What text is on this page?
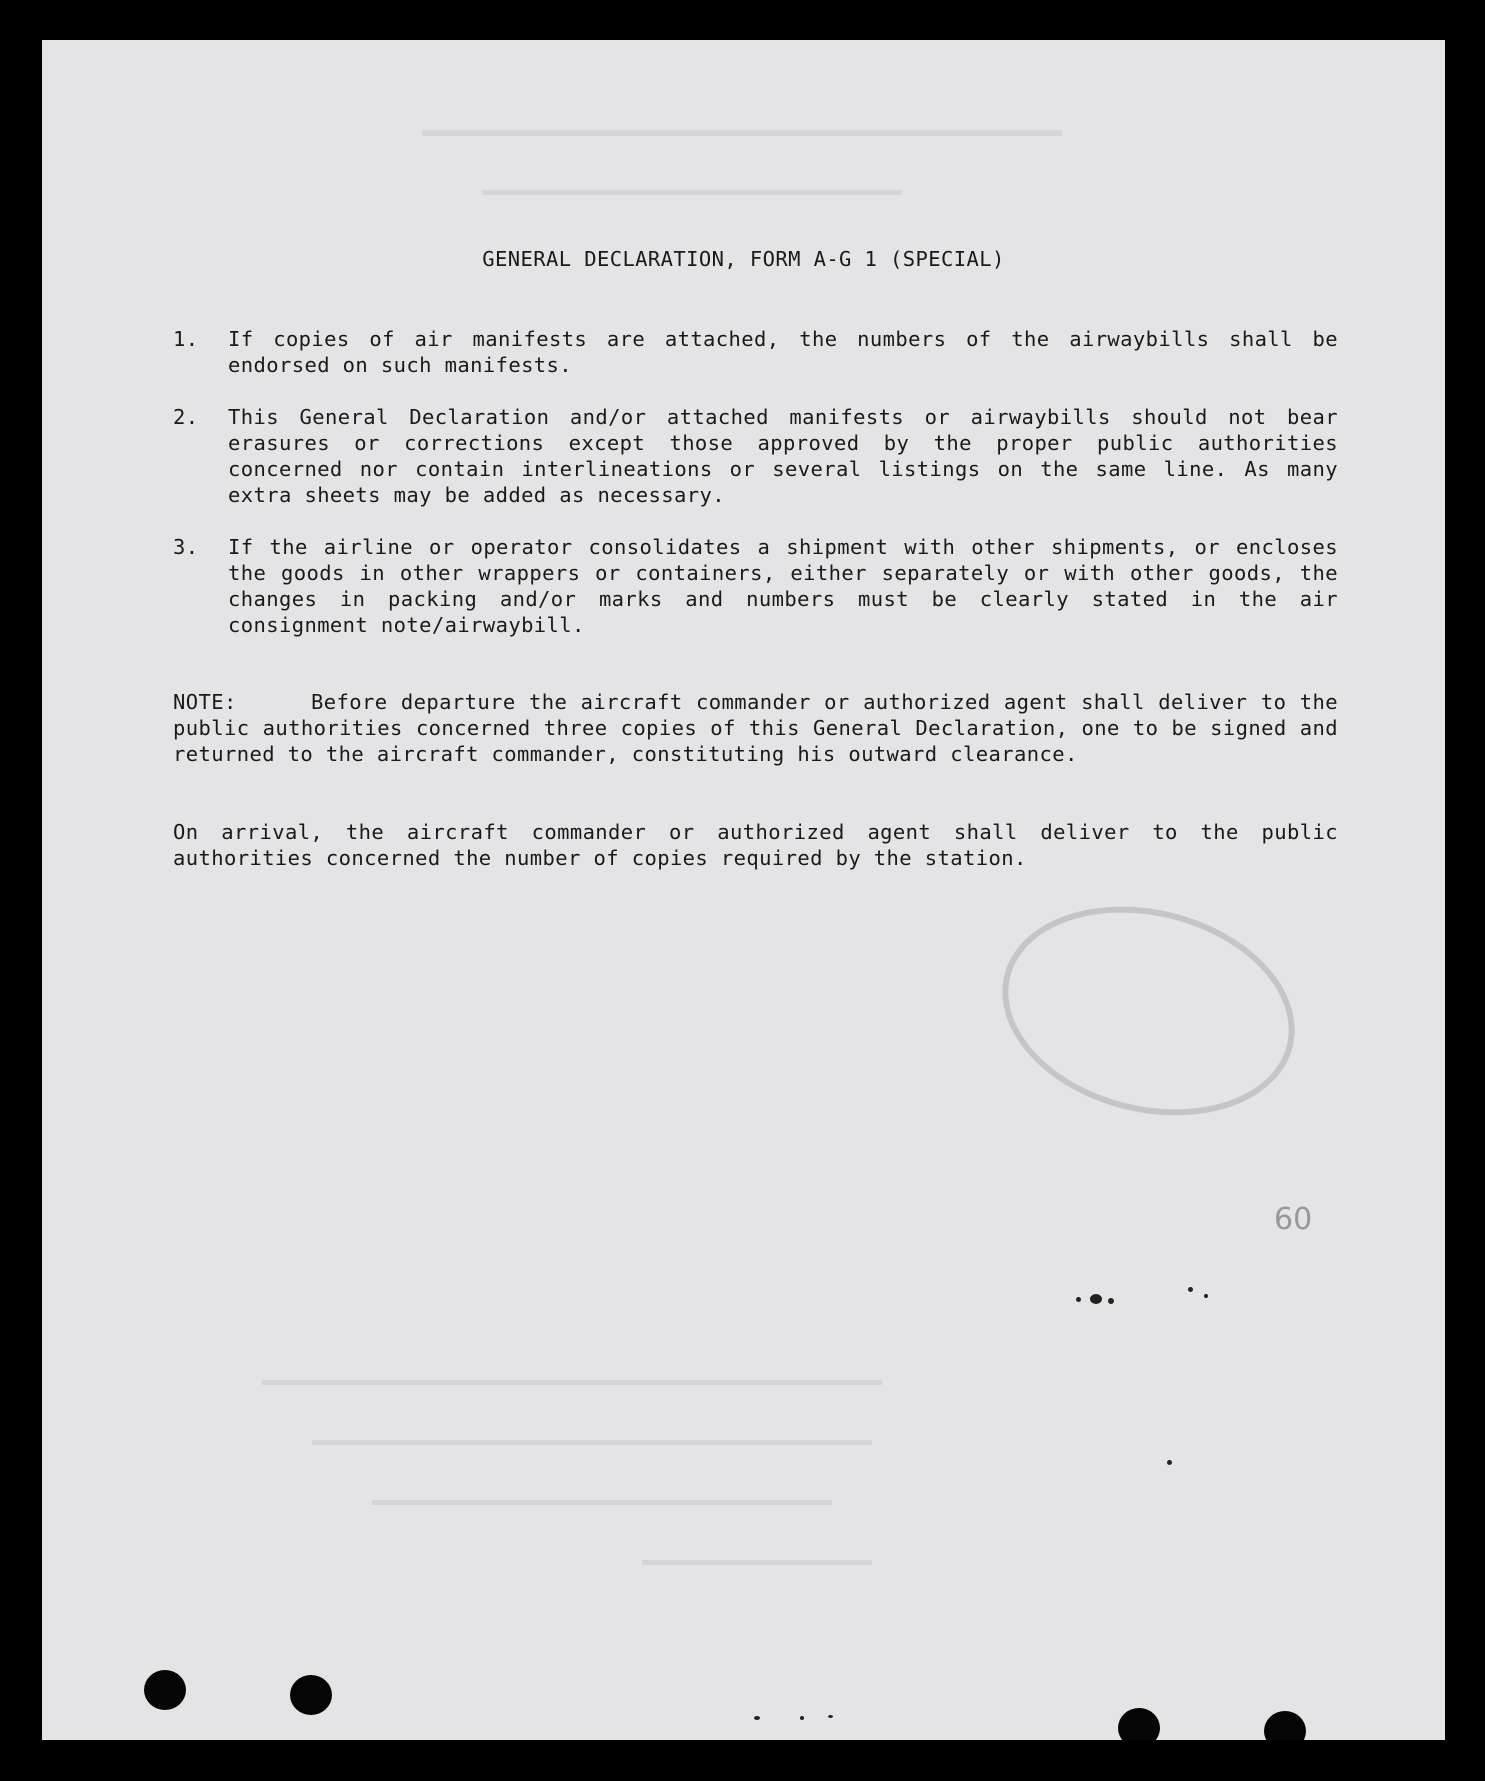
GENERAL DECLARATION, FORM A-G 1 (SPECIAL)
1.	If copies of air manifests are attached, the numbers of the airwaybills shall be endorsed on such manifests.
2.	This General Declaration and/or attached manifests or airwaybills should not bear erasures or corrections except those approved by the proper public authorities concerned nor contain interlineations or several listings on the same line. As many extra sheets may be added as necessary.
3.	If the airline or operator consolidates a shipment with other shipments, or encloses the goods in other wrappers or containers, either separately or with other goods, the changes in packing and/or marks and numbers must be clearly stated in the air consignment note/airwaybill.
NOTE:	Before departure the aircraft commander or authorized agent shall deliver to the public authorities concerned three copies of this General Declaration, one to be signed and returned to the aircraft commander, constituting his outward clearance.
On arrival, the aircraft commander or authorized agent shall deliver to the public authorities concerned the number of copies required by the station.
60
